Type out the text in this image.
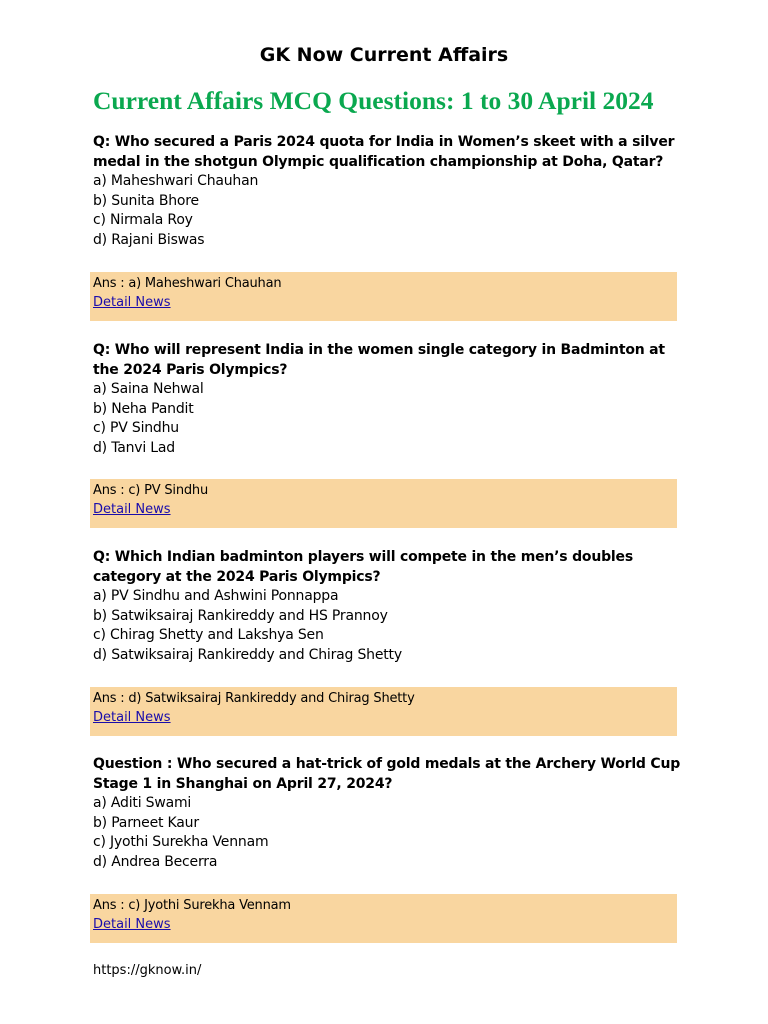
GK Now Current Affairs
Current Affairs MCQ Questions: 1 to 30 April 2024

Q: Who secured a Paris 2024 quota for India in Women’s skeet with a silver medal in the shotgun Olympic qualification championship at Doha, Qatar?

a) Maheshwari Chauhan

b) Sunita Bhore

c) Nirmala Roy

d) Rajani Biswas

Ans : a) Maheshwari Chauhan
Detail News

Q: Who will represent India in the women single category in Badminton at the 2024 Paris Olympics?

a) Saina Nehwal

b) Neha Pandit

c) PV Sindhu

d) Tanvi Lad

Ans : c) PV Sindhu
Detail News

Q: Which Indian badminton players will compete in the men’s doubles category at the 2024 Paris Olympics?

a) PV Sindhu and Ashwini Ponnappa

b) Satwiksairaj Rankireddy and HS Prannoy

c) Chirag Shetty and Lakshya Sen

d) Satwiksairaj Rankireddy and Chirag Shetty

Ans : d) Satwiksairaj Rankireddy and Chirag Shetty
Detail News

Question : Who secured a hat-trick of gold medals at the Archery World Cup Stage 1 in Shanghai on April 27, 2024?

a) Aditi Swami

b) Parneet Kaur

c) Jyothi Surekha Vennam

d) Andrea Becerra

Ans : c) Jyothi Surekha Vennam
Detail News
https://gknow.in/
